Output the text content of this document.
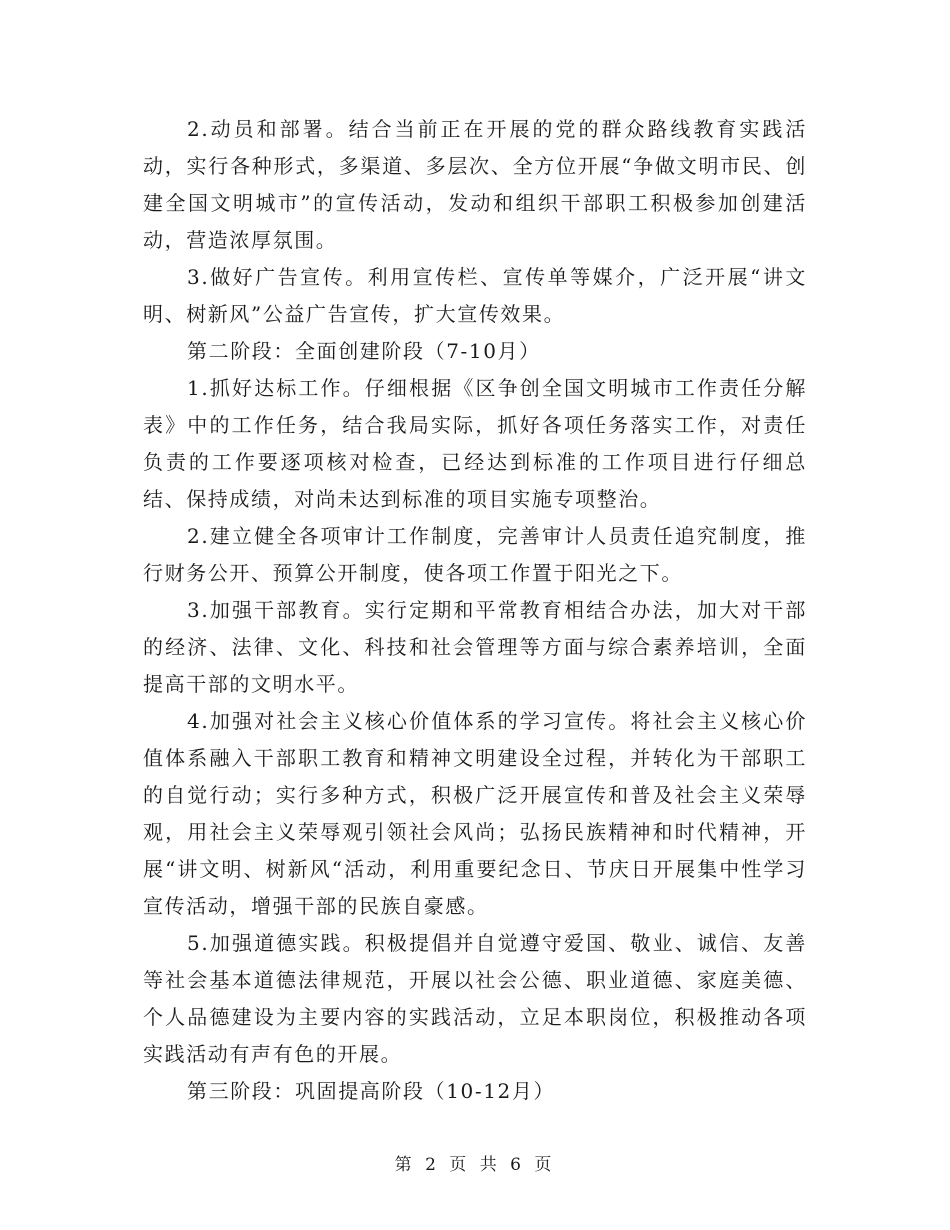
2.动员和部署。结合当前正在开展的党的群众路线教育实践活动，实行各种形式，多渠道、多层次、全方位开展“争做文明市民、创建全国文明城市”的宣传活动，发动和组织干部职工积极参加创建活动，营造浓厚氛围。

3.做好广告宣传。利用宣传栏、宣传单等媒介，广泛开展“讲文明、树新风”公益广告宣传，扩大宣传效果。

第二阶段：全面创建阶段（7-10月）

1.抓好达标工作。仔细根据《区争创全国文明城市工作责任分解表》中的工作任务，结合我局实际，抓好各项任务落实工作，对责任负责的工作要逐项核对检查，已经达到标准的工作项目进行仔细总结、保持成绩，对尚未达到标准的项目实施专项整治。

2.建立健全各项审计工作制度，完善审计人员责任追究制度，推行财务公开、预算公开制度，使各项工作置于阳光之下。

3.加强干部教育。实行定期和平常教育相结合办法，加大对干部的经济、法律、文化、科技和社会管理等方面与综合素养培训，全面提高干部的文明水平。

4.加强对社会主义核心价值体系的学习宣传。将社会主义核心价值体系融入干部职工教育和精神文明建设全过程，并转化为干部职工的自觉行动；实行多种方式，积极广泛开展宣传和普及社会主义荣辱观，用社会主义荣辱观引领社会风尚；弘扬民族精神和时代精神，开展“讲文明、树新风“活动，利用重要纪念日、节庆日开展集中性学习宣传活动，增强干部的民族自豪感。

5.加强道德实践。积极提倡并自觉遵守爱国、敬业、诚信、友善等社会基本道德法律规范，开展以社会公德、职业道德、家庭美德、个人品德建设为主要内容的实践活动，立足本职岗位，积极推动各项实践活动有声有色的开展。

第三阶段：巩固提高阶段（10-12月）

第 2 页 共 6 页
